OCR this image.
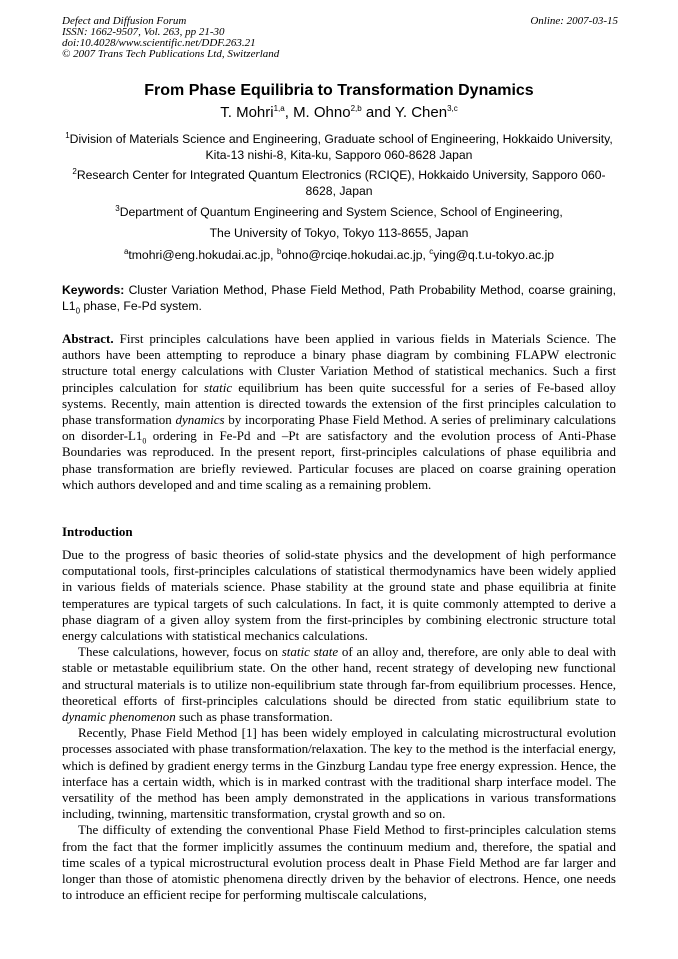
Defect and Diffusion Forum
ISSN: 1662-9507, Vol. 263, pp 21-30
doi:10.4028/www.scientific.net/DDF.263.21
© 2007 Trans Tech Publications Ltd, Switzerland
Online: 2007-03-15
From Phase Equilibria to Transformation Dynamics
T. Mohri$^{1,a}$, M. Ohno$^{2,b}$ and Y. Chen$^{3,c}$
$^1$Division of Materials Science and Engineering, Graduate school of Engineering, Hokkaido University, Kita-13 nishi-8, Kita-ku, Sapporo 060-8628 Japan
$^2$Research Center for Integrated Quantum Electronics (RCIQE), Hokkaido University, Sapporo 060-8628, Japan
$^3$Department of Quantum Engineering and System Science, School of Engineering,
The University of Tokyo, Tokyo 113-8655, Japan
$^a$tmohri@eng.hokudai.ac.jp, $^b$ohno@rciqe.hokudai.ac.jp, $^c$ying@q.t.u-tokyo.ac.jp
Keywords: Cluster Variation Method, Phase Field Method, Path Probability Method, coarse graining, $L1_0$ phase, Fe-Pd system.

Abstract. First principles calculations have been applied in various fields in Materials Science. The authors have been attempting to reproduce a binary phase diagram by combining FLAPW electronic structure total energy calculations with Cluster Variation Method of statistical mechanics. Such a first principles calculation for static equilibrium has been quite successful for a series of Fe-based alloy systems. Recently, main attention is directed towards the extension of the first principles calculation to phase transformation dynamics by incorporating Phase Field Method. A series of preliminary calculations on disorder-$L1_0$ ordering in Fe-Pd and –Pt are satisfactory and the evolution process of Anti-Phase Boundaries was reproduced. In the present report, first-principles calculations of phase equilibria and phase transformation are briefly reviewed. Particular focuses are placed on coarse graining operation which authors developed and and time scaling as a remaining problem.

Introduction

Due to the progress of basic theories of solid-state physics and the development of high performance computational tools, first-principles calculations of statistical thermodynamics have been widely applied in various fields of materials science. Phase stability at the ground state and phase equilibria at finite temperatures are typical targets of such calculations. In fact, it is quite commonly attempted to derive a phase diagram of a given alloy system from the first-principles by combining electronic structure total energy calculations with statistical mechanics calculations.

These calculations, however, focus on static state of an alloy and, therefore, are only able to deal with stable or metastable equilibrium state. On the other hand, recent strategy of developing new functional and structural materials is to utilize non-equilibrium state through far-from equilibrium processes. Hence, theoretical efforts of first-principles calculations should be directed from static equilibrium state to dynamic phenomenon such as phase transformation.

Recently, Phase Field Method [1] has been widely employed in calculating microstructural evolution processes associated with phase transformation/relaxation. The key to the method is the interfacial energy, which is defined by gradient energy terms in the Ginzburg Landau type free energy expression. Hence, the interface has a certain width, which is in marked contrast with the traditional sharp interface model. The versatility of the method has been amply demonstrated in the applications in various transformations including, twinning, martensitic transformation, crystal growth and so on.

The difficulty of extending the conventional Phase Field Method to first-principles calculation stems from the fact that the former implicitly assumes the continuum medium and, therefore, the spatial and time scales of a typical microstructural evolution process dealt in Phase Field Method are far larger and longer than those of atomistic phenomena directly driven by the behavior of electrons. Hence, one needs to introduce an efficient recipe for performing multiscale calculations,
